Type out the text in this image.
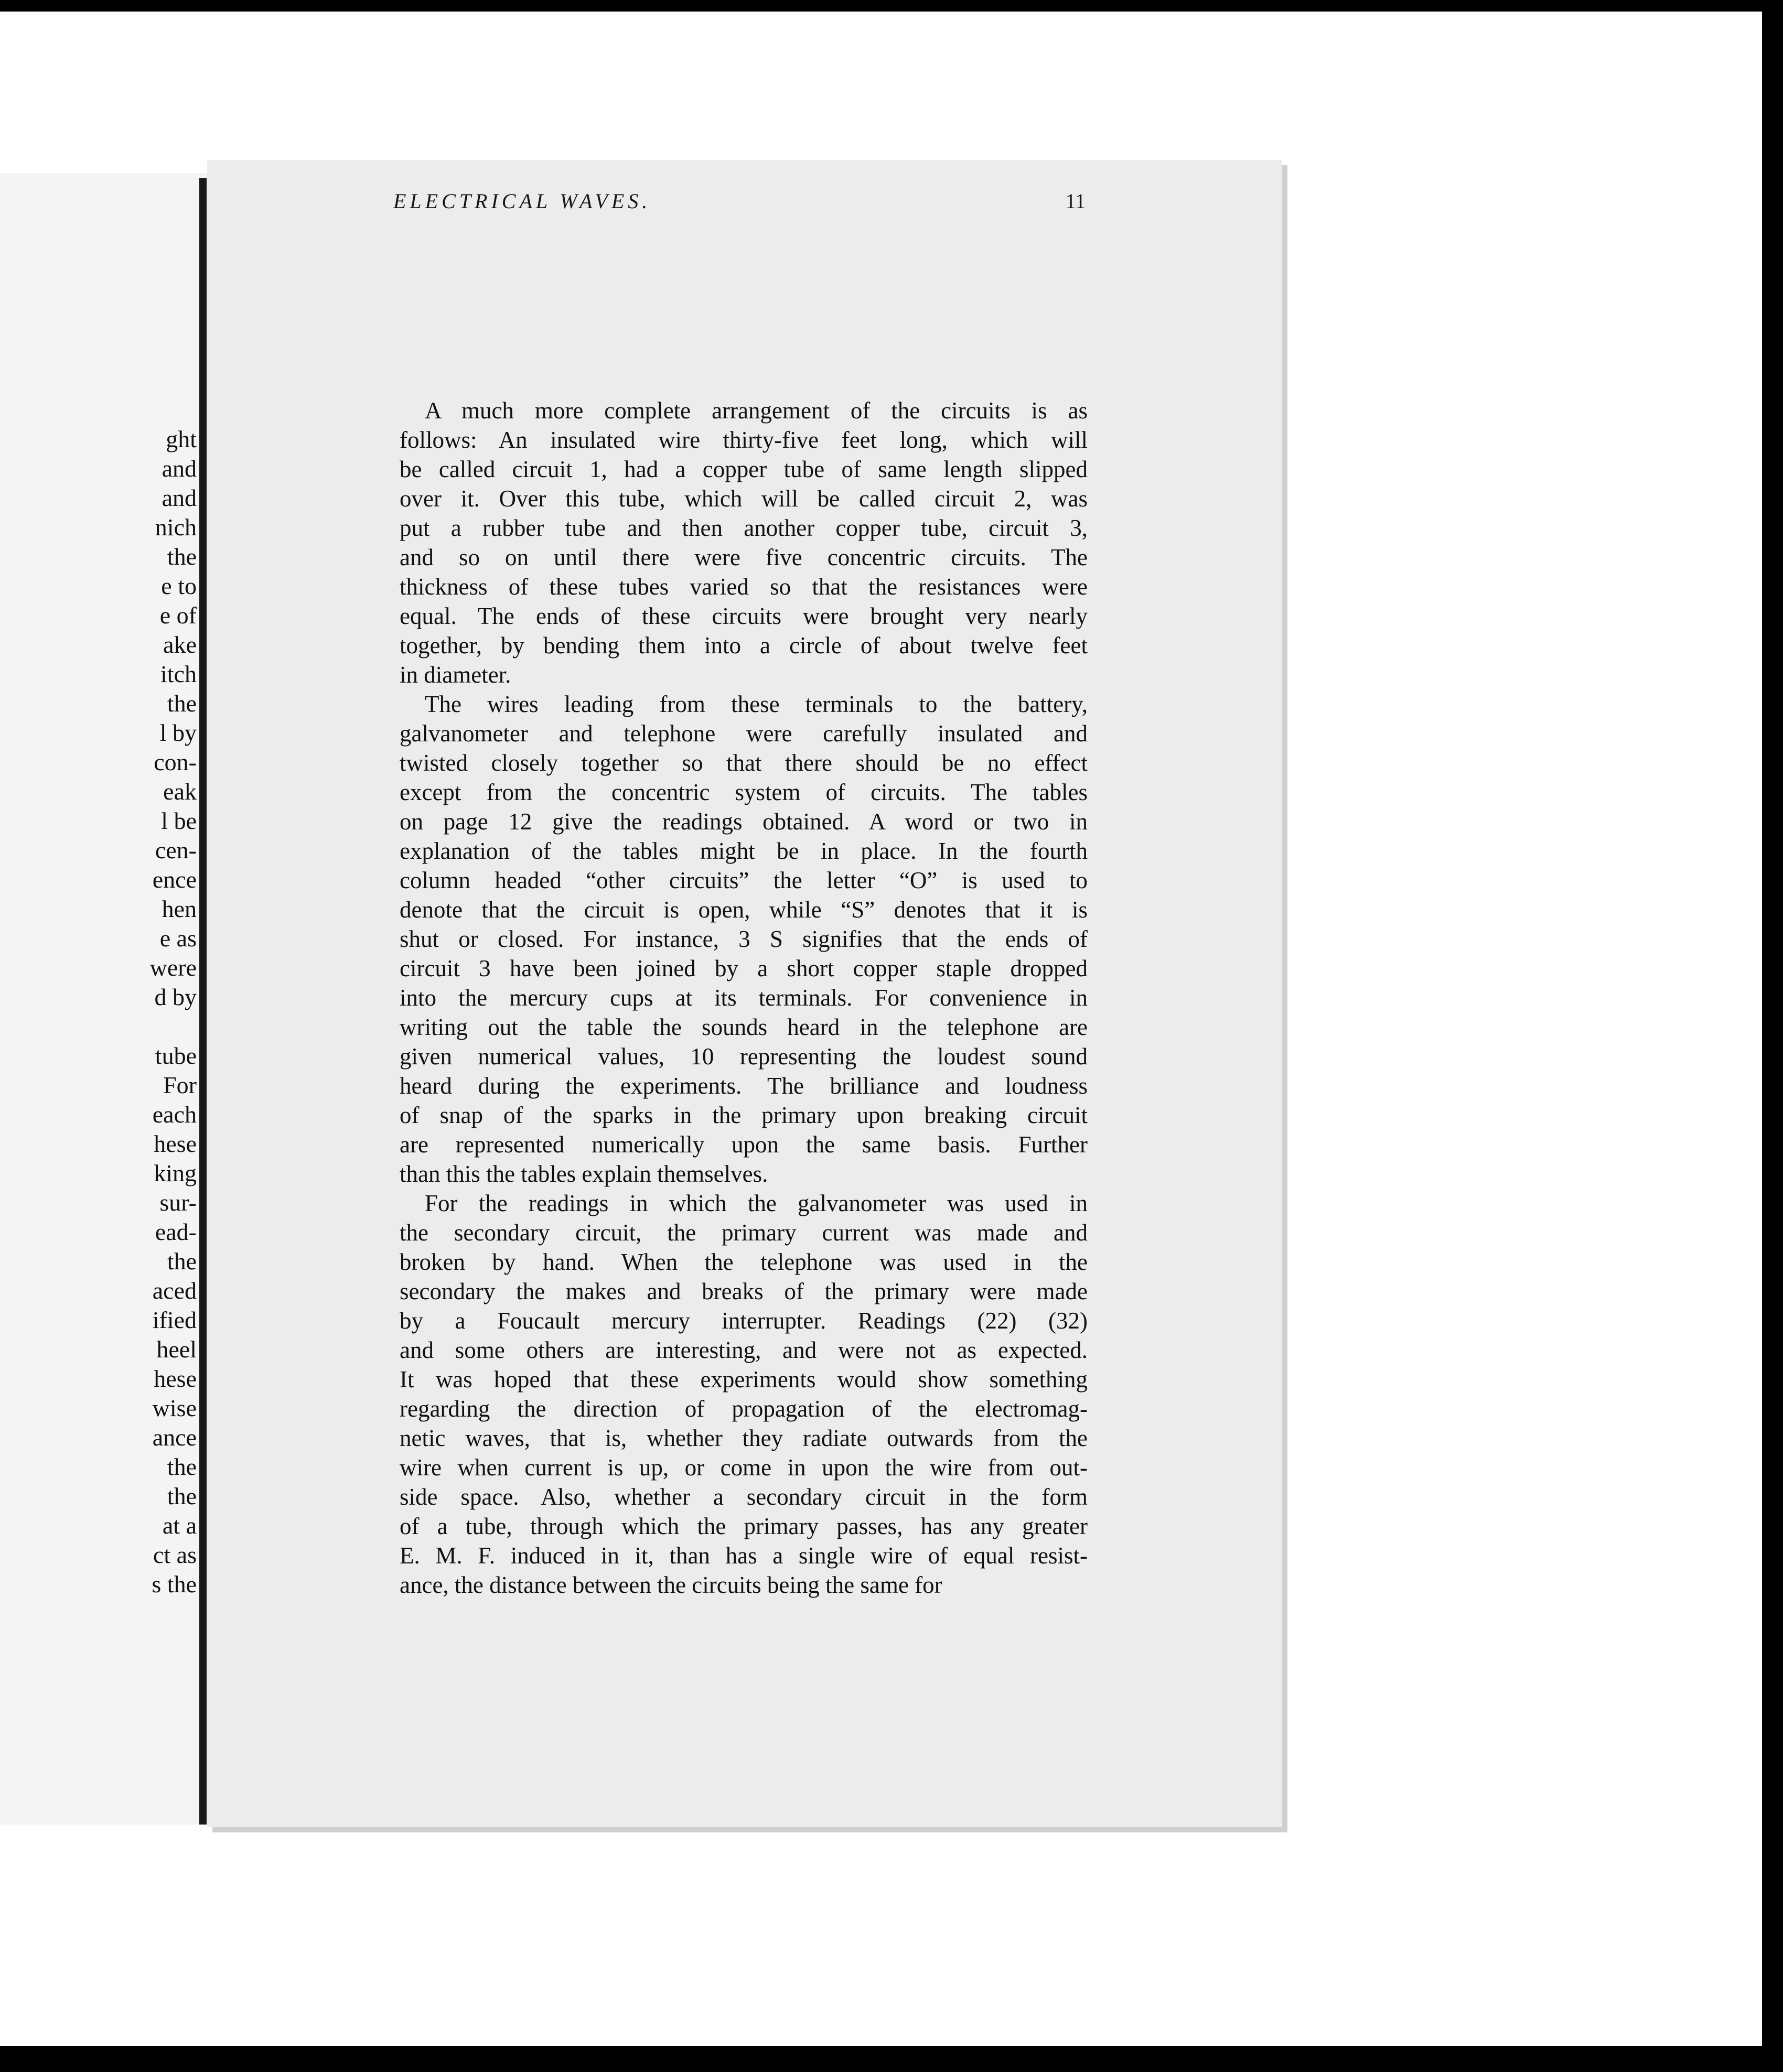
ght
and
and
nich
the
e to
e of
ake
itch
the
l by
con-
eak
l be
cen-
ence
hen
e as
were
d by
tube
For
each
hese
king
sur-
ead-
the
aced
ified
heel
hese
wise
ance
the
the
at a
ct as
s the
ELECTRICAL WAVES.	11
A much more complete arrangement of the circuits is as
follows: An insulated wire thirty-five feet long, which will
be called circuit 1, had a copper tube of same length slipped
over it. Over this tube, which will be called circuit 2, was
put a rubber tube and then another copper tube, circuit 3,
and so on until there were five concentric circuits. The
thickness of these tubes varied so that the resistances were
equal. The ends of these circuits were brought very nearly
together, by bending them into a circle of about twelve feet
in diameter.
The wires leading from these terminals to the battery,
galvanometer and telephone were carefully insulated and
twisted closely together so that there should be no effect
except from the concentric system of circuits. The tables
on page 12 give the readings obtained. A word or two in
explanation of the tables might be in place. In the fourth
column headed “other circuits” the letter “O” is used to
denote that the circuit is open, while “S” denotes that it is
shut or closed. For instance, 3 S signifies that the ends of
circuit 3 have been joined by a short copper staple dropped
into the mercury cups at its terminals. For convenience in
writing out the table the sounds heard in the telephone are
given numerical values, 10 representing the loudest sound
heard during the experiments. The brilliance and loudness
of snap of the sparks in the primary upon breaking circuit
are represented numerically upon the same basis. Further
than this the tables explain themselves.
For the readings in which the galvanometer was used in
the secondary circuit, the primary current was made and
broken by hand. When the telephone was used in the
secondary the makes and breaks of the primary were made
by a Foucault mercury interrupter. Readings (22) (32)
and some others are interesting, and were not as expected.
It was hoped that these experiments would show something
regarding the direction of propagation of the electromag-
netic waves, that is, whether they radiate outwards from the
wire when current is up, or come in upon the wire from out-
side space. Also, whether a secondary circuit in the form
of a tube, through which the primary passes, has any greater
E. M. F. induced in it, than has a single wire of equal resist-
ance, the distance between the circuits being the same for
